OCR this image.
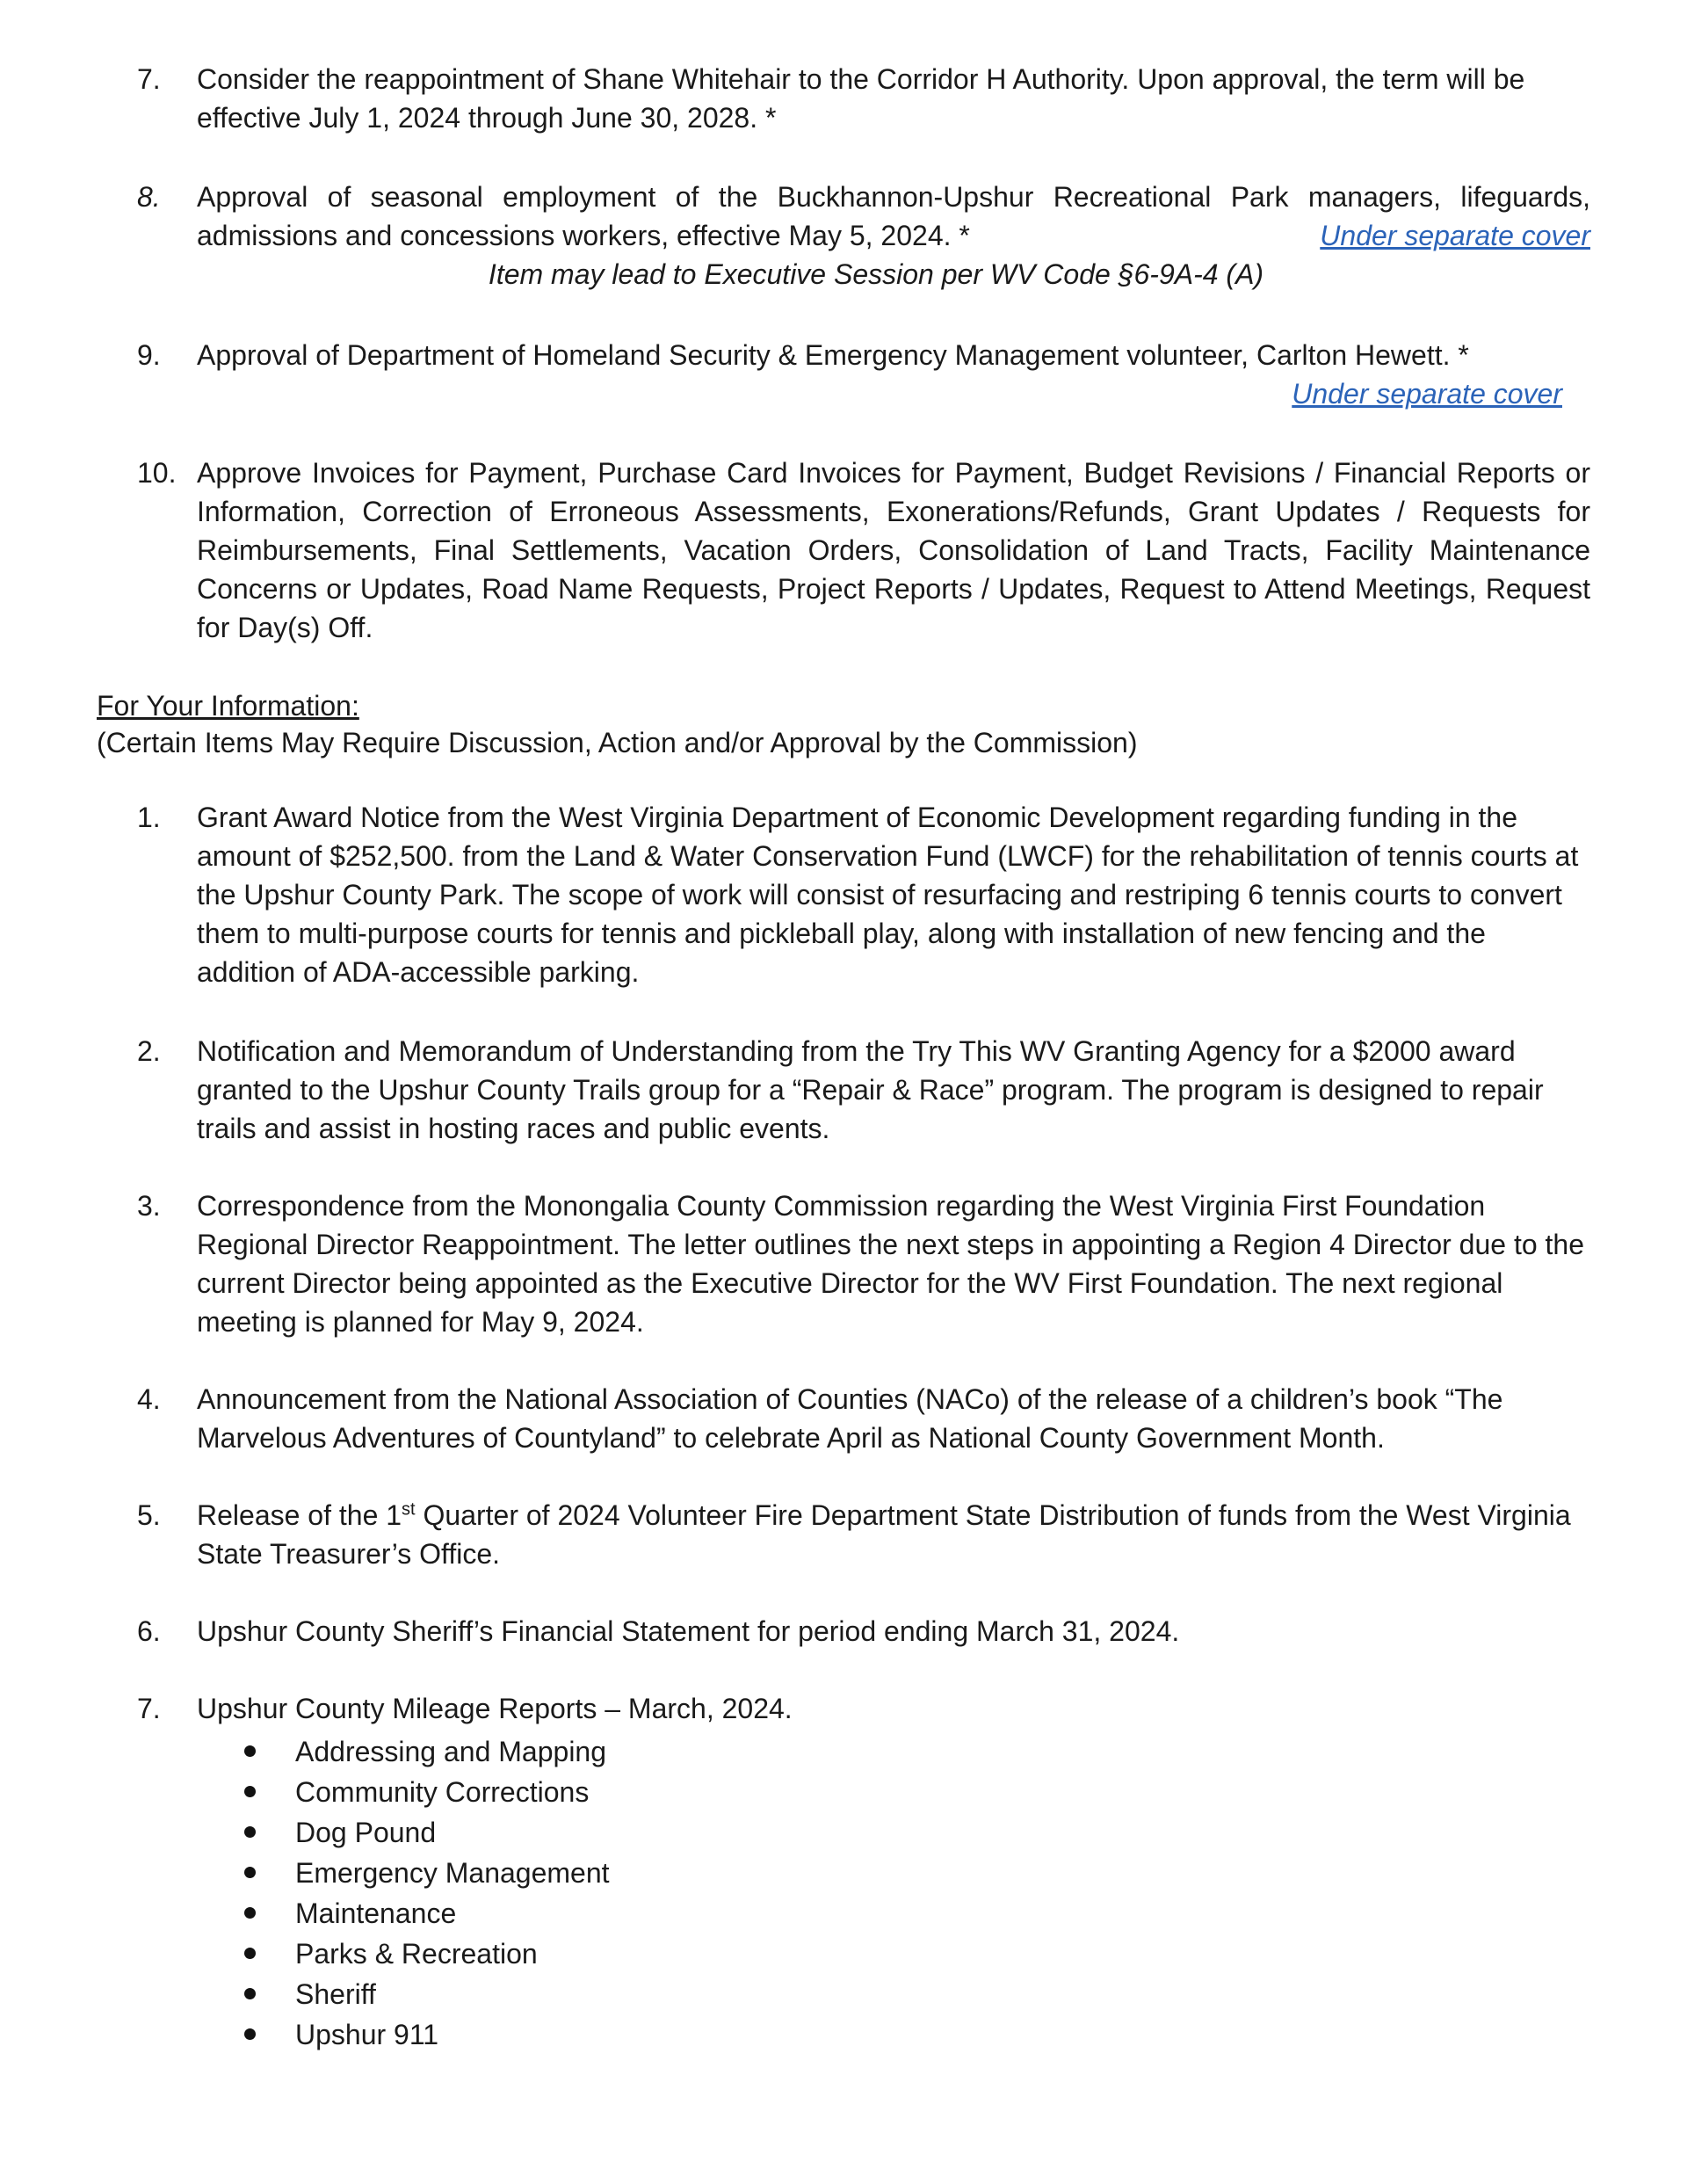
7.	Consider the reappointment of Shane Whitehair to the Corridor H Authority. Upon approval, the term will be effective July 1, 2024 through June 30, 2028. *
8.	Approval of seasonal employment of the Buckhannon-Upshur Recreational Park managers, lifeguards, admissions and concessions workers, effective May 5, 2024. *	Under separate cover
Item may lead to Executive Session per WV Code §6-9A-4 (A)
9.	Approval of Department of Homeland Security & Emergency Management volunteer, Carlton Hewett. *
Under separate cover
10. Approve Invoices for Payment, Purchase Card Invoices for Payment, Budget Revisions / Financial Reports or Information, Correction of Erroneous Assessments, Exonerations/Refunds, Grant Updates / Requests for Reimbursements, Final Settlements, Vacation Orders, Consolidation of Land Tracts, Facility Maintenance Concerns or Updates, Road Name Requests, Project Reports / Updates, Request to Attend Meetings, Request for Day(s) Off.
For Your Information:
(Certain Items May Require Discussion, Action and/or Approval by the Commission)
1.	Grant Award Notice from the West Virginia Department of Economic Development regarding funding in the amount of $252,500. from the Land & Water Conservation Fund (LWCF) for the rehabilitation of tennis courts at the Upshur County Park. The scope of work will consist of resurfacing and restriping 6 tennis courts to convert them to multi-purpose courts for tennis and pickleball play, along with installation of new fencing and the addition of ADA-accessible parking.
2.	Notification and Memorandum of Understanding from the Try This WV Granting Agency for a $2000 award granted to the Upshur County Trails group for a “Repair & Race” program. The program is designed to repair trails and assist in hosting races and public events.
3.	Correspondence from the Monongalia County Commission regarding the West Virginia First Foundation Regional Director Reappointment. The letter outlines the next steps in appointing a Region 4 Director due to the current Director being appointed as the Executive Director for the WV First Foundation. The next regional meeting is planned for May 9, 2024.
4.	Announcement from the National Association of Counties (NACo) of the release of a children’s book “The Marvelous Adventures of Countyland” to celebrate April as National County Government Month.
5.	Release of the 1st Quarter of 2024 Volunteer Fire Department State Distribution of funds from the West Virginia State Treasurer’s Office.
6.	Upshur County Sheriff’s Financial Statement for period ending March 31, 2024.
7.	Upshur County Mileage Reports – March, 2024.
Addressing and Mapping
Community Corrections
Dog Pound
Emergency Management
Maintenance
Parks & Recreation
Sheriff
Upshur 911
